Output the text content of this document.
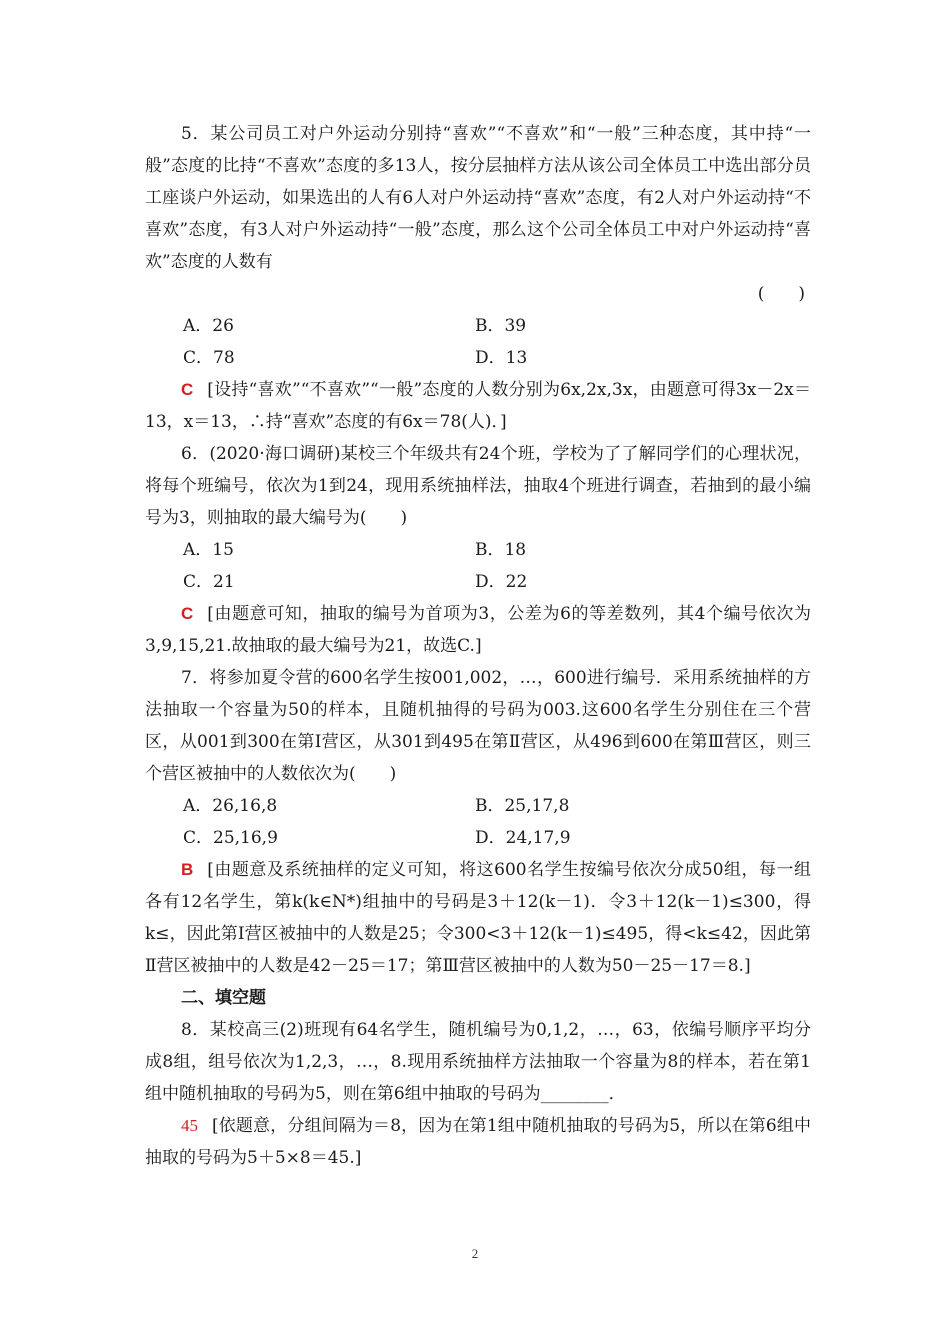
5．某公司员工对户外运动分别持“喜欢”“不喜欢”和“一般”三种态度，其中持“一般”态度的比持“不喜欢”态度的多13人，按分层抽样方法从该公司全体员工中选出部分员工座谈户外运动，如果选出的人有6人对户外运动持“喜欢”态度，有2人对户外运动持“不喜欢”态度，有3人对户外运动持“一般”态度，那么这个公司全体员工中对户外运动持“喜欢”态度的人数有

(　　)

A．26	B．39
C．78	D．13

C [设持“喜欢”“不喜欢”“一般”态度的人数分别为6x,2x,3x，由题意可得3x－2x＝13，x＝13，∴持“喜欢”态度的有6x＝78(人)．]

6．(2020·海口调研)某校三个年级共有24个班，学校为了了解同学们的心理状况，将每个班编号，依次为1到24，现用系统抽样法，抽取4个班进行调查，若抽到的最小编号为3，则抽取的最大编号为(　　)

A．15	B．18
C．21	D．22

C [由题意可知，抽取的编号为首项为3，公差为6的等差数列，其4个编号依次为3,9,15,21.故抽取的最大编号为21，故选C.]

7．将参加夏令营的600名学生按001,002，…，600进行编号．采用系统抽样的方法抽取一个容量为50的样本，且随机抽得的号码为003.这600名学生分别住在三个营区，从001到300在第Ⅰ营区，从301到495在第Ⅱ营区，从496到600在第Ⅲ营区，则三个营区被抽中的人数依次为(　　)

A．26,16,8	B．25,17,8
C．25,16,9	D．24,17,9

B [由题意及系统抽样的定义可知，将这600名学生按编号依次分成50组，每一组各有12名学生，第k(k∈N*)组抽中的号码是3＋12(k－1)．令3＋12(k－1)≤300，得k≤，因此第Ⅰ营区被抽中的人数是25；令300<3＋12(k－1)≤495，得<k≤42，因此第Ⅱ营区被抽中的人数是42－25＝17；第Ⅲ营区被抽中的人数为50－25－17＝8.]

二、填空题

8．某校高三(2)班现有64名学生，随机编号为0,1,2，…，63，依编号顺序平均分成8组，组号依次为1,2,3，…，8.现用系统抽样方法抽取一个容量为8的样本，若在第1组中随机抽取的号码为5，则在第6组中抽取的号码为________．

45 [依题意，分组间隔为＝8，因为在第1组中随机抽取的号码为5，所以在第6组中抽取的号码为5＋5×8＝45.]

2
